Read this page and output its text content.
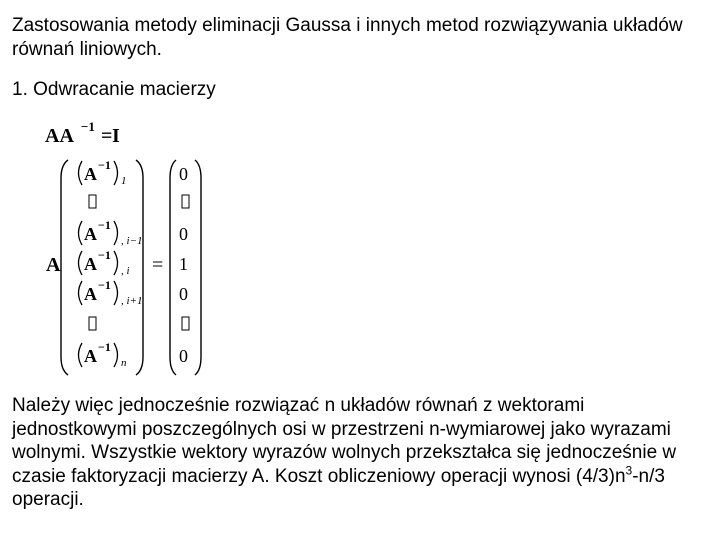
Zastosowania metody eliminacji Gaussa i innych metod rozwiązywania układów równań liniowych.
1. Odwracanie macierzy
AA −1 = I
A	=
A −1
1
A −1
, i−1
A −1
, i
A −1
, i+1
A −1
n
0
0
1
0
0
Należy więc jednocześnie rozwiązać n układów równań z wektorami jednostkowymi poszczególnych osi w przestrzeni n-wymiarowej jako wyrazami wolnymi. Wszystkie wektory wyrazów wolnych przekształca się jednocześnie w czasie faktoryzacji macierzy A. Koszt obliczeniowy operacji wynosi $(4/3)n^3-n/3$ operacji.
